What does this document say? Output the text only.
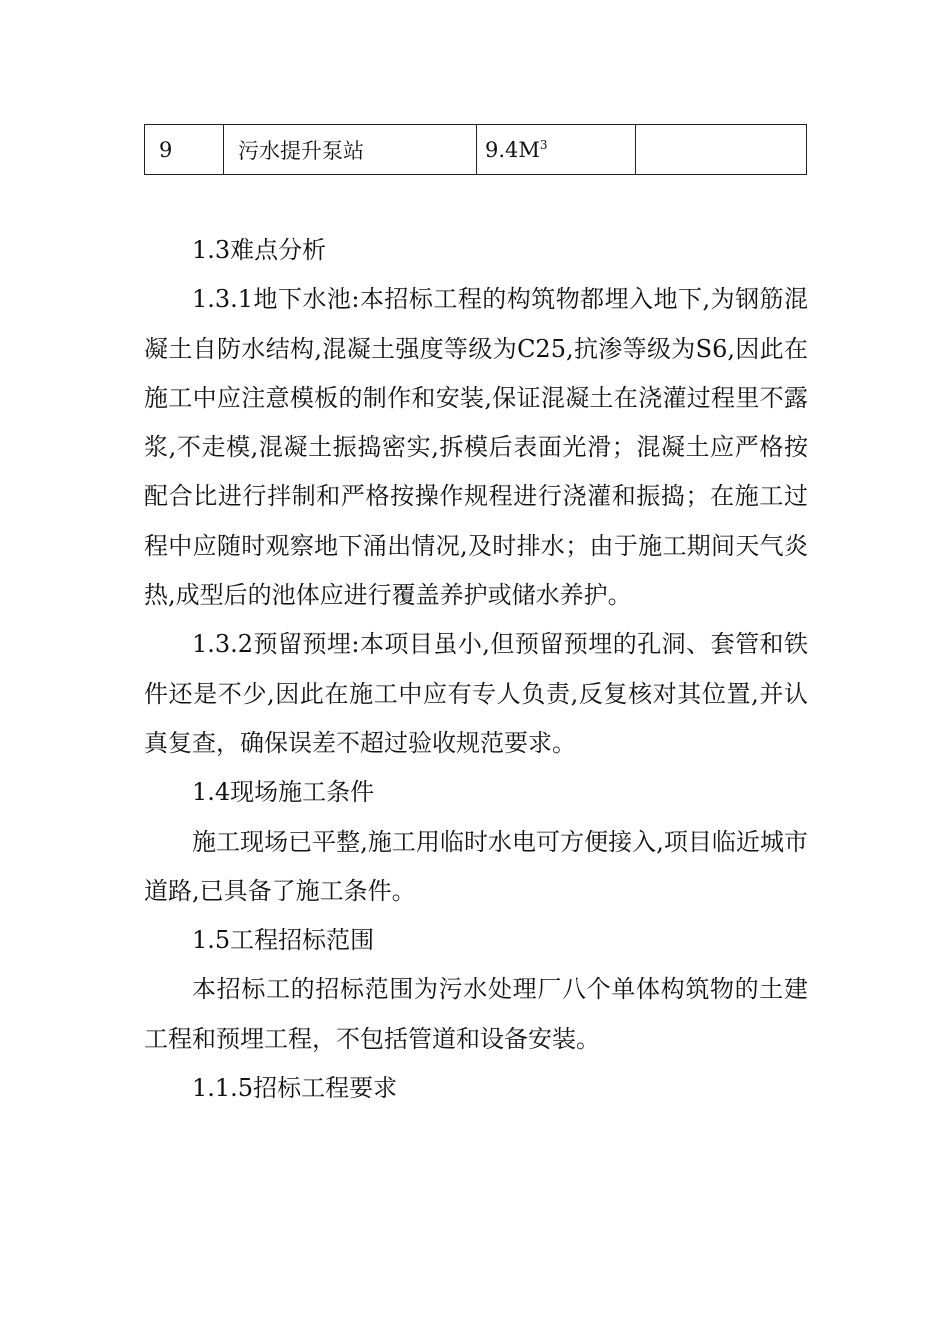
9	污水提升泵站	$9.4M^3$	

1.3难点分析

1.3.1地下水池:本招标工程的构筑物都埋入地下,为钢筋混凝土自防水结构,混凝土强度等级为C25,抗渗等级为S6,因此在施工中应注意模板的制作和安装,保证混凝土在浇灌过程里不露浆,不走模,混凝土振捣密实,拆模后表面光滑；混凝土应严格按配合比进行拌制和严格按操作规程进行浇灌和振捣；在施工过程中应随时观察地下涌出情况,及时排水；由于施工期间天气炎热,成型后的池体应进行覆盖养护或储水养护。

1.3.2预留预埋:本项目虽小,但预留预埋的孔洞、套管和铁件还是不少,因此在施工中应有专人负责,反复核对其位置,并认真复查，确保误差不超过验收规范要求。

1.4现场施工条件

施工现场已平整,施工用临时水电可方便接入,项目临近城市道路,已具备了施工条件。

1.5工程招标范围

本招标工的招标范围为污水处理厂八个单体构筑物的土建工程和预埋工程，不包括管道和设备安装。

1.1.5招标工程要求
